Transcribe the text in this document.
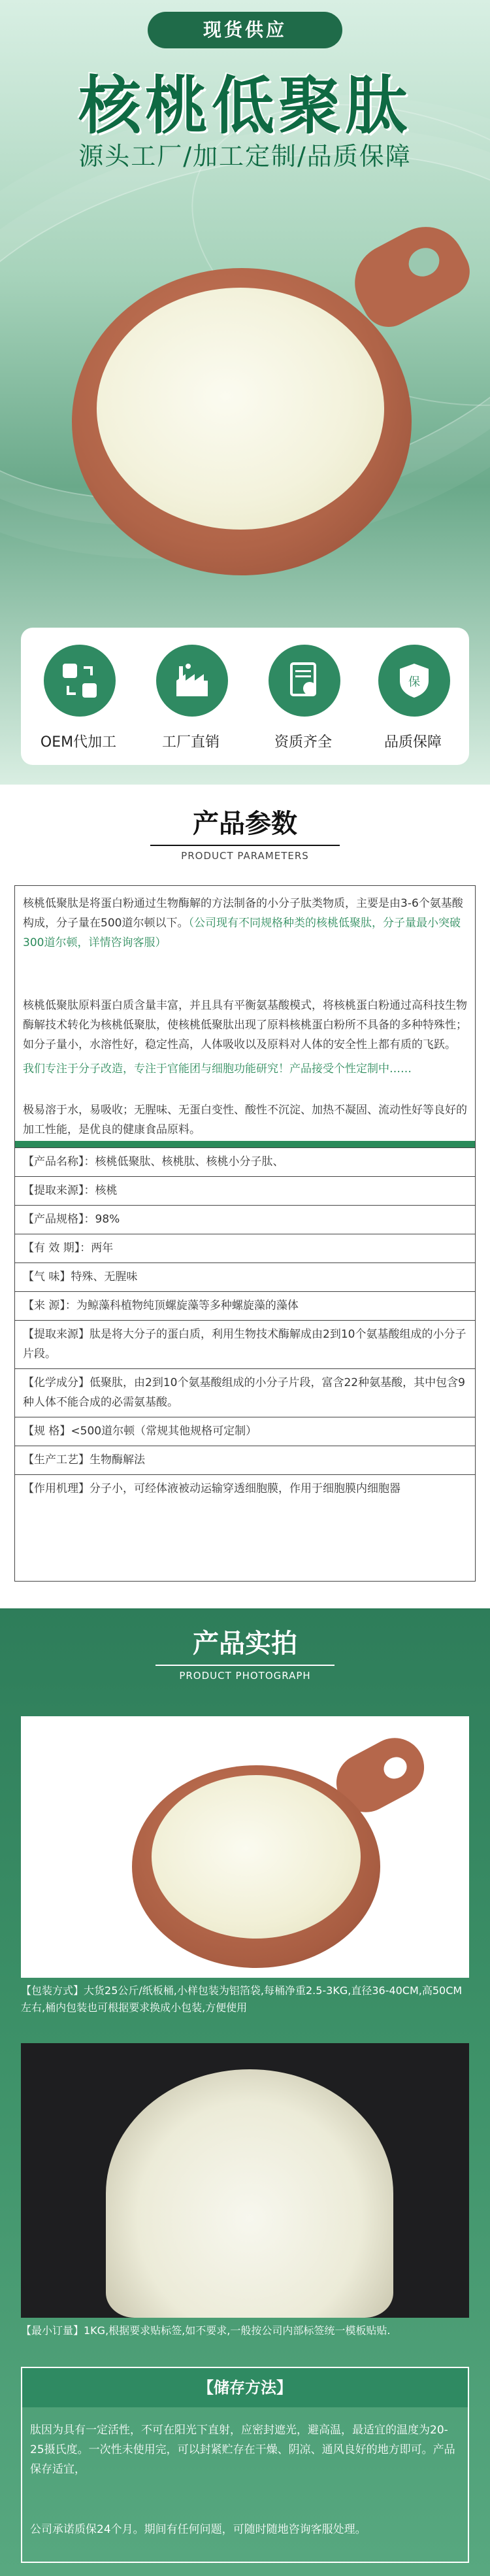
现货供应
核桃低聚肽
源头工厂/加工定制/品质保障
OEM代加工	工厂直销	资质齐全
保
品质保障
产品参数
PRODUCT PARAMETERS
核桃低聚肽是将蛋白粉通过生物酶解的方法制备的小分子肽类物质，主要是由3-6个氨基酸构成，分子量在500道尔顿以下。（公司现有不同规格种类的核桃低聚肽，分子量最小突破300道尔顿，详情咨询客服）
核桃低聚肽原料蛋白质含量丰富，并且具有平衡氨基酸模式，将核桃蛋白粉通过高科技生物酶解技术转化为核桃低聚肽，使核桃低聚肽出现了原料核桃蛋白粉所不具备的多种特殊性；如分子量小，水溶性好，稳定性高，人体吸收以及原料对人体的安全性上都有质的飞跃。
我们专注于分子改造，专注于官能团与细胞功能研究！产品接受个性定制中……
极易溶于水，易吸收；无腥味、无蛋白变性、酸性不沉淀、加热不凝固、流动性好等良好的加工性能，是优良的健康食品原料。
【产品名称】：核桃低聚肽、核桃肽、核桃小分子肽、
【提取来源】：核桃
【产品规格】：98%
【有 效 期】：两年
【气 味】特殊、无腥味
【来 源】：为鲸藻科植物纯顶螺旋藻等多种螺旋藻的藻体
【提取来源】肽是将大分子的蛋白质，利用生物技术酶解成由2到10个氨基酸组成的小分子片段。
【化学成分】低聚肽，由2到10个氨基酸组成的小分子片段，富含22种氨基酸，其中包含9种人体不能合成的必需氨基酸。
【规 格】<500道尔顿（常规其他规格可定制）
【生产工艺】生物酶解法
【作用机理】分子小，可经体液被动运输穿透细胞膜，作用于细胞膜内细胞器
产品实拍
PRODUCT PHOTOGRAPH
【包装方式】大货25公斤/纸板桶,小样包装为铝箔袋,每桶净重2.5-3KG,直径36-40CM,高50CM左右,桶内包装也可根据要求换成小包装,方便使用
【最小订量】1KG,根据要求贴标签,如不要求,一般按公司内部标签统一模板贴贴.
【储存方法】
肽因为具有一定活性，不可在阳光下直射，应密封遮光，避高温，最适宜的温度为20-25摄氏度。一次性未使用完，可以封紧贮存在干燥、阴凉、通风良好的地方即可。产品保存适宜，
公司承诺质保24个月。期间有任何问题，可随时随地咨询客服处理。
